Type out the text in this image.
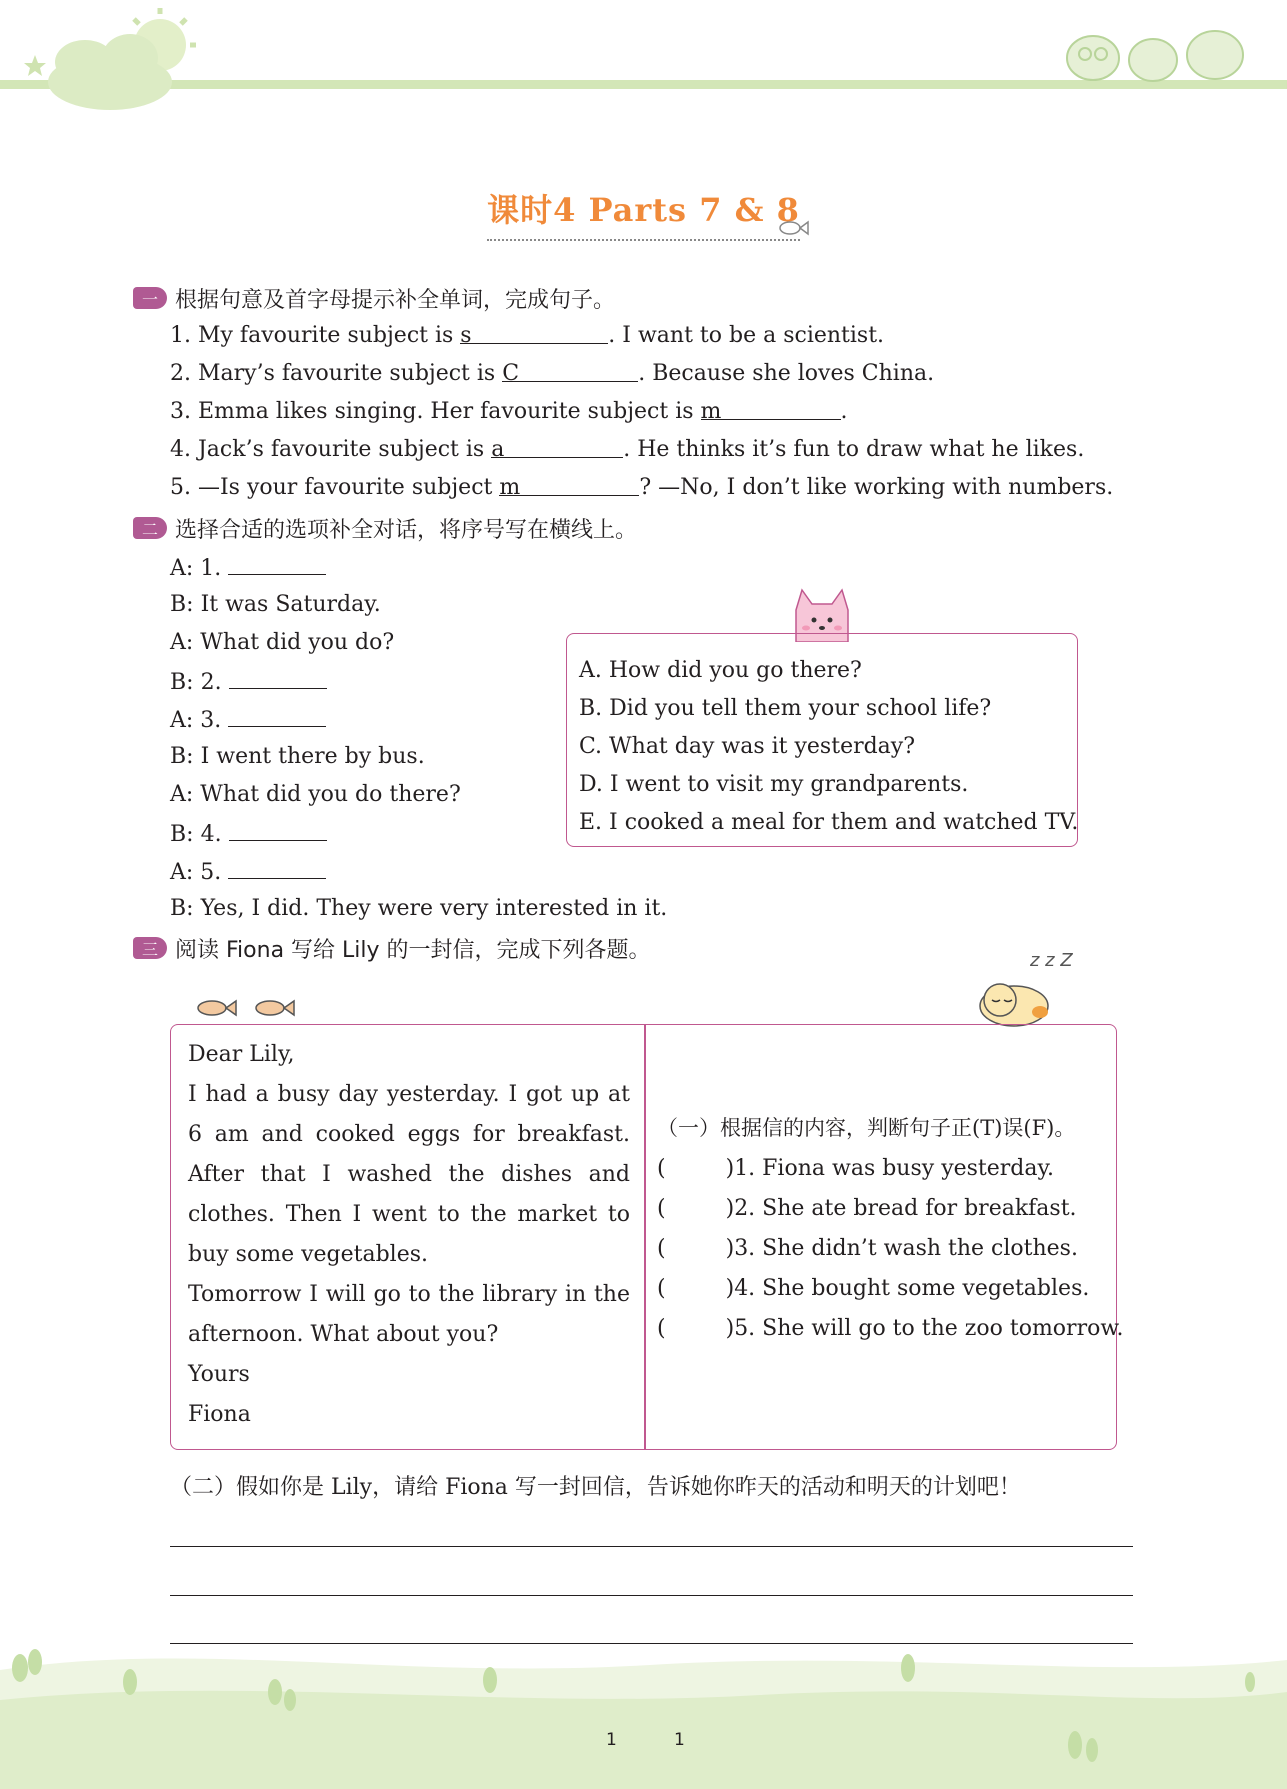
课时4 Parts 7 & 8
一 根据句意及首字母提示补全单词，完成句子。
1. My favourite subject is s	. I want to be a scientist.
2. Mary’s favourite subject is C	. Because she loves China.
3. Emma likes singing. Her favourite subject is m	.
4. Jack’s favourite subject is a	. He thinks it’s fun to draw what he likes.
5. —Is your favourite subject m	? —No, I don’t like working with numbers.
二 选择合适的选项补全对话，将序号写在横线上。
A: 1.
B: It was Saturday.
A: What did you do?
B: 2.
A: 3.
B: I went there by bus.
A: What did you do there?
B: 4.
A: 5.
B: Yes, I did. They were very interested in it.
A. How did you go there?
B. Did you tell them your school life?
C. What day was it yesterday?
D. I went to visit my grandparents.
E. I cooked a meal for them and watched TV.
三 阅读 Fiona 写给 Lily 的一封信，完成下列各题。	z z Z
Dear Lily,
I had a busy day yesterday. I got up at
6 am and cooked eggs for breakfast.
After that I washed the dishes and
clothes. Then I went to the market to
buy some vegetables.
Tomorrow I will go to the library in the
afternoon. What about you?
Yours
Fiona
（一）根据信的内容，判断句子正(T)误(F)。
(	)1. Fiona was busy yesterday.
(	)2. She ate bread for breakfast.
(	)3. She didn’t wash the clothes.
(	)4. She bought some vegetables.
(	)5. She will go to the zoo tomorrow.
（二）假如你是 Lily，请给 Fiona 写一封回信，告诉她你昨天的活动和明天的计划吧！
1	1
